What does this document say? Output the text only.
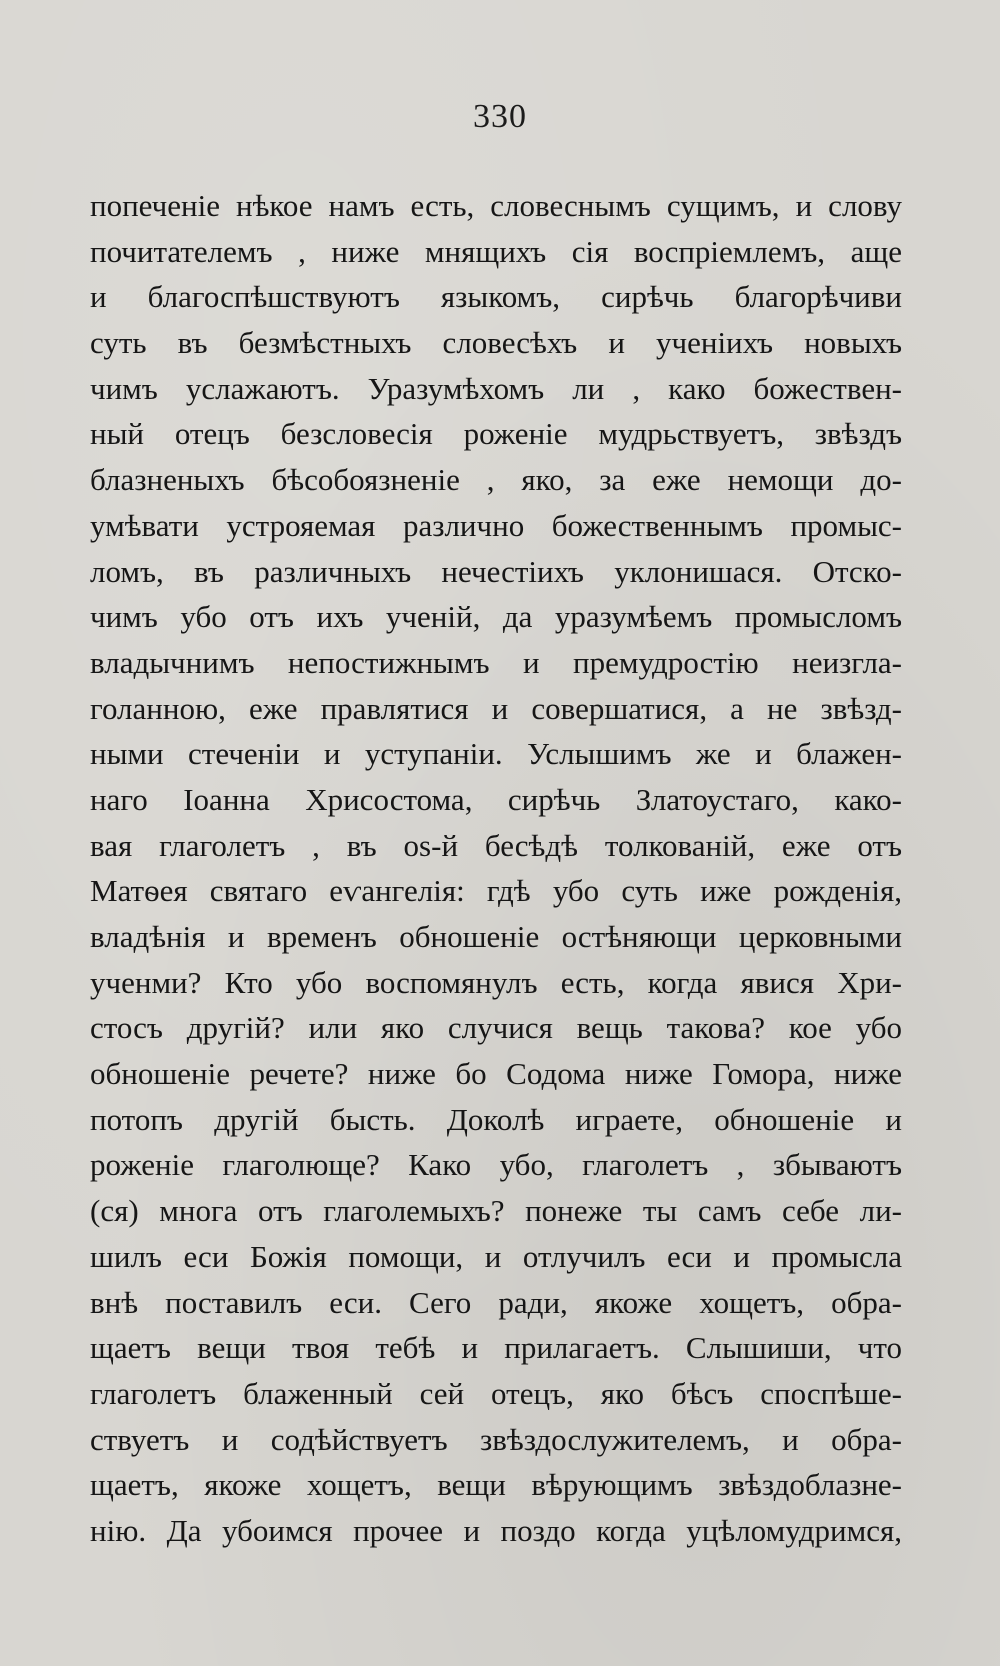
330
попеченіе нѣкое намъ есть, словеснымъ сущимъ, и слову
почитателемъ , ниже мнящихъ сія воспріемлемъ, аще
и благоспѣшствуютъ языкомъ, сирѣчь благорѣчиви
суть въ безмѣстныхъ словесѣхъ и ученіихъ новыхъ
чимъ услажаютъ. Уразумѣхомъ ли , како божествен-
ный отецъ безсловесія роженіе мудрьствуетъ, звѣздъ
блазненыхъ бѣсобоязненіе , яко, за еже немощи до-
умѣвати устрояемая различно божественнымъ промыс-
ломъ, въ различныхъ нечестіихъ уклонишася. Отско-
чимъ убо отъ ихъ ученій, да уразумѣемъ промысломъ
владычнимъ непостижнымъ и премудростію неизгла-
голанною, еже правлятися и совершатися, а не звѣзд-
ными стеченіи и уступаніи. Услышимъ же и блажен-
наго Іоанна Хрисостома, сирѣчь Златоустаго, како-
вая глаголетъ , въ оѕ-й бесѣдѣ толкованій, еже отъ
Матѳея святаго еѵангелія: гдѣ убо суть иже рожденія,
владѣнія и временъ обношеніе остѣняющи церковными
ученми? Кто убо воспомянулъ есть, когда явися Хри-
стосъ другій? или яко случися вещь такова? кое убо
обношеніе речете? ниже бо Содома ниже Гомора, ниже
потопъ другій бысть. Доколѣ играете, обношеніе и
роженіе глаголюще? Како убо, глаголетъ , збываютъ
(ся) многа отъ глаголемыхъ? понеже ты самъ себе ли-
шилъ еси Божія помощи, и отлучилъ еси и промысла
внѣ поставилъ еси. Сего ради, якоже хощетъ, обра-
щаетъ вещи твоя тебѣ и прилагаетъ. Слышиши, что
глаголетъ блаженный сей отецъ, яко бѣсъ споспѣше-
ствуетъ и содѣйствуетъ звѣздослужителемъ, и обра-
щаетъ, якоже хощетъ, вещи вѣрующимъ звѣздоблазне-
нію. Да убоимся прочее и поздо когда уцѣломудримся,
